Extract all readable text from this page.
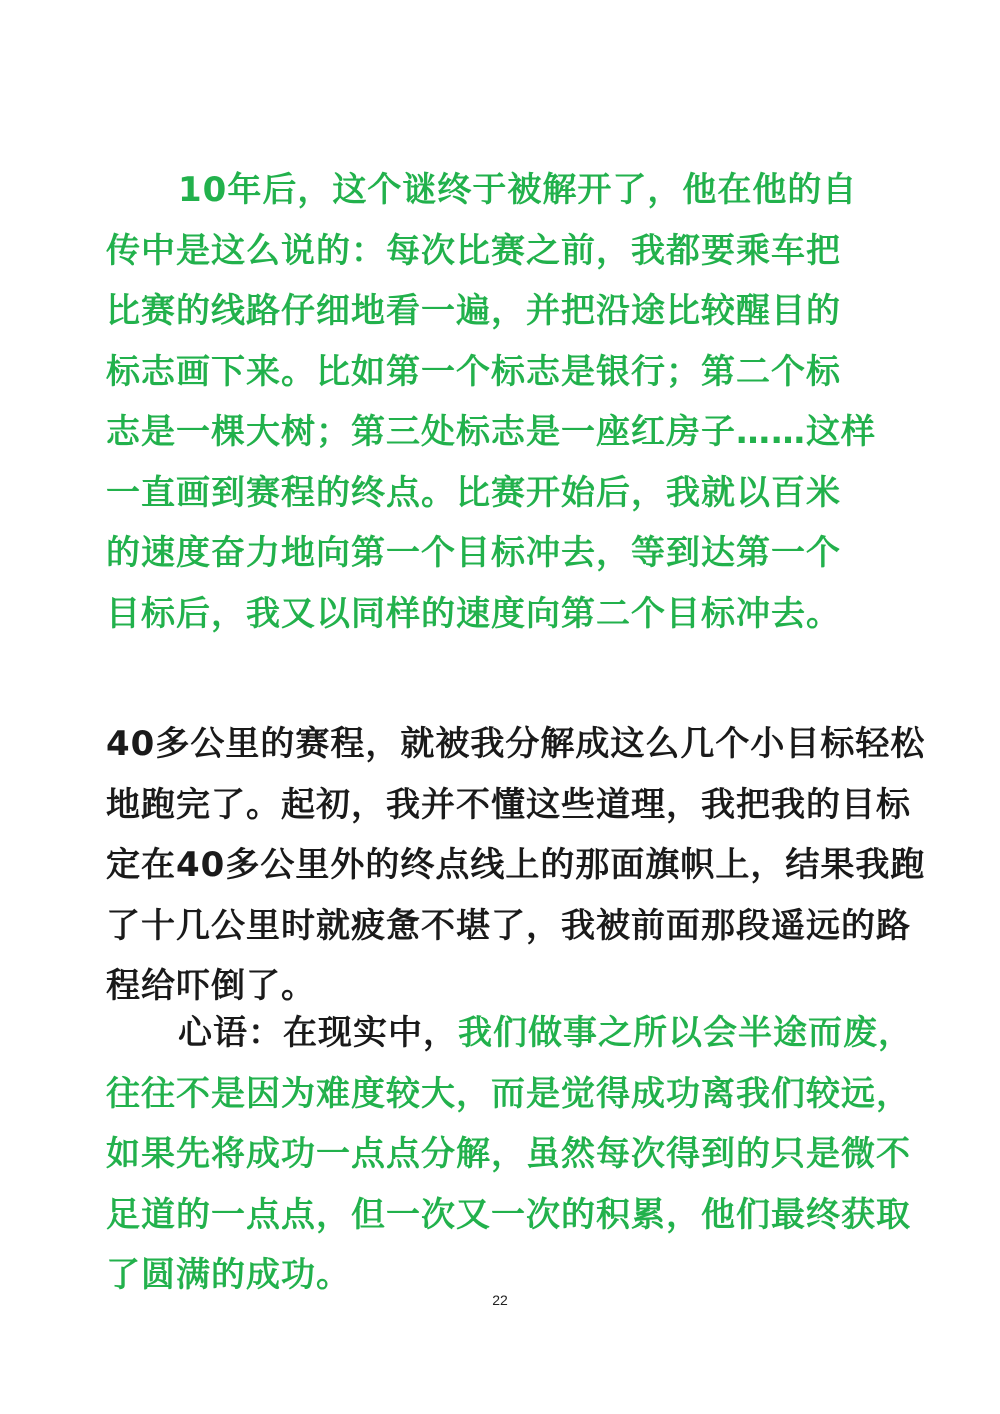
10年后，这个谜终于被解开了，他在他的自
传中是这么说的：每次比赛之前，我都要乘车把
比赛的线路仔细地看一遍，并把沿途比较醒目的
标志画下来。比如第一个标志是银行；第二个标
志是一棵大树；第三处标志是一座红房子……这样
一直画到赛程的终点。比赛开始后，我就以百米
的速度奋力地向第一个目标冲去，等到达第一个
目标后，我又以同样的速度向第二个目标冲去。
40多公里的赛程，就被我分解成这么几个小目标轻松
地跑完了。起初，我并不懂这些道理，我把我的目标
定在40多公里外的终点线上的那面旗帜上，结果我跑
了十几公里时就疲惫不堪了，我被前面那段遥远的路
程给吓倒了。
心语：在现实中，我们做事之所以会半途而废，
往往不是因为难度较大，而是觉得成功离我们较远，
如果先将成功一点点分解，虽然每次得到的只是微不
足道的一点点，但一次又一次的积累，他们最终获取
了圆满的成功。
22
